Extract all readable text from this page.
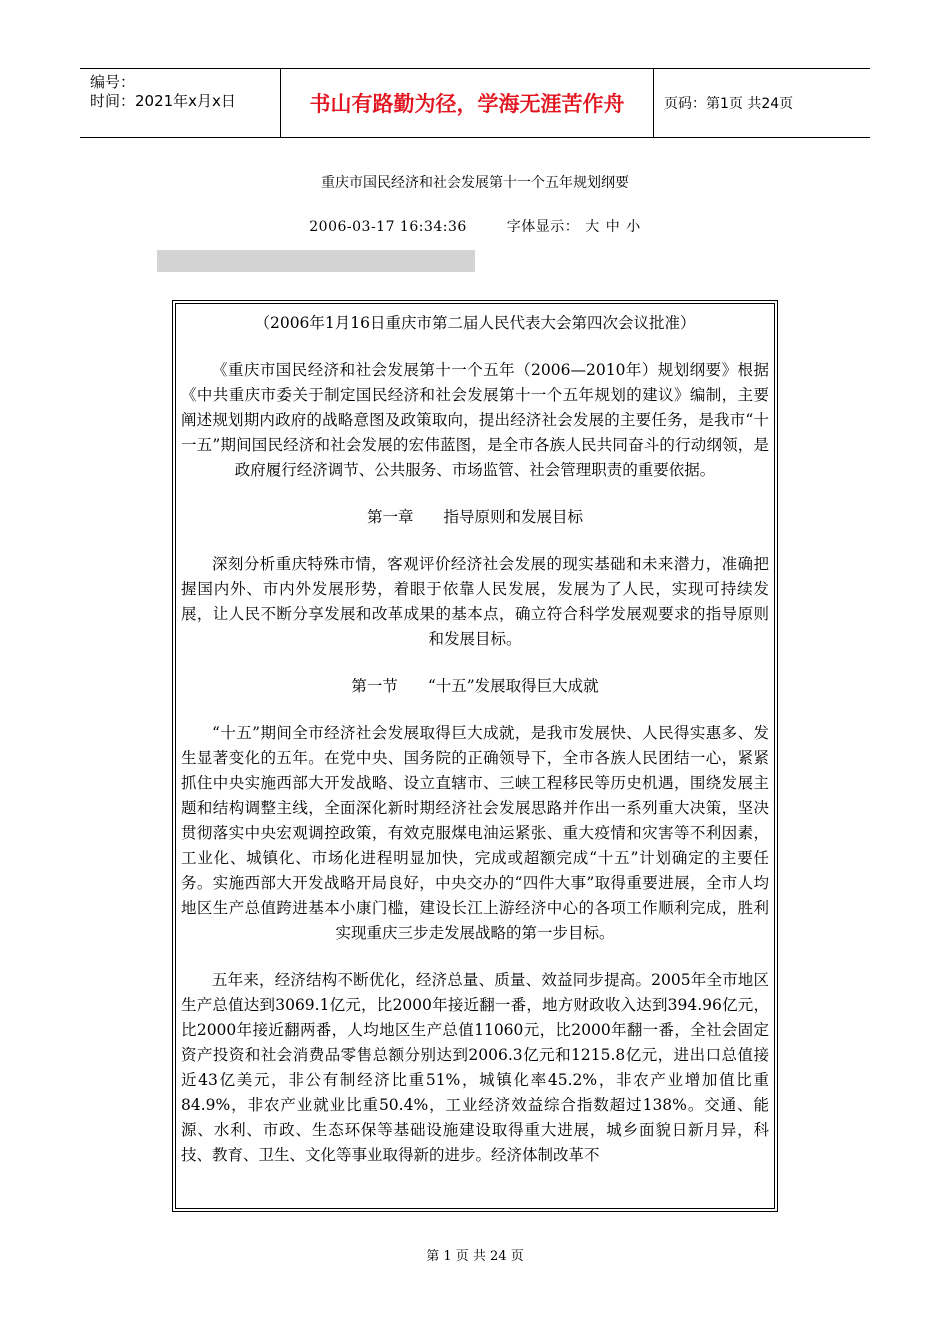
编号：
时间：2021年x月x日	书山有路勤为径，学海无涯苦作舟	页码：第1页 共24页
重庆市国民经济和社会发展第十一个五年规划纲要
2006-03-17 16:34:36	字体显示： 大 中 小

（2006年1月16日重庆市第二届人民代表大会第四次会议批准）

《重庆市国民经济和社会发展第十一个五年（2006—2010年）规划纲要》根据《中共重庆市委关于制定国民经济和社会发展第十一个五年规划的建议》编制，主要阐述规划期内政府的战略意图及政策取向，提出经济社会发展的主要任务，是我市“十一五”期间国民经济和社会发展的宏伟蓝图，是全市各族人民共同奋斗的行动纲领，是政府履行经济调节、公共服务、市场监管、社会管理职责的重要依据。

第一章 指导原则和发展目标

深刻分析重庆特殊市情，客观评价经济社会发展的现实基础和未来潜力，准确把握国内外、市内外发展形势，着眼于依靠人民发展，发展为了人民，实现可持续发展，让人民不断分享发展和改革成果的基本点，确立符合科学发展观要求的指导原则和发展目标。

第一节 “十五”发展取得巨大成就

“十五”期间全市经济社会发展取得巨大成就，是我市发展快、人民得实惠多、发生显著变化的五年。在党中央、国务院的正确领导下，全市各族人民团结一心，紧紧抓住中央实施西部大开发战略、设立直辖市、三峡工程移民等历史机遇，围绕发展主题和结构调整主线，全面深化新时期经济社会发展思路并作出一系列重大决策，坚决贯彻落实中央宏观调控政策，有效克服煤电油运紧张、重大疫情和灾害等不利因素，工业化、城镇化、市场化进程明显加快，完成或超额完成“十五”计划确定的主要任务。实施西部大开发战略开局良好，中央交办的“四件大事”取得重要进展，全市人均地区生产总值跨进基本小康门槛，建设长江上游经济中心的各项工作顺利完成，胜利实现重庆三步走发展战略的第一步目标。

五年来，经济结构不断优化，经济总量、质量、效益同步提高。2005年全市地区生产总值达到3069.1亿元，比2000年接近翻一番，地方财政收入达到394.96亿元，比2000年接近翻两番，人均地区生产总值11060元，比2000年翻一番，全社会固定资产投资和社会消费品零售总额分别达到2006.3亿元和1215.8亿元，进出口总值接近43亿美元，非公有制经济比重51%，城镇化率45.2%，非农产业增加值比重84.9%，非农产业就业比重50.4%，工业经济效益综合指数超过138%。交通、能源、水利、市政、生态环保等基础设施建设取得重大进展，城乡面貌日新月异，科技、教育、卫生、文化等事业取得新的进步。经济体制改革不

第 1 页 共 24 页
